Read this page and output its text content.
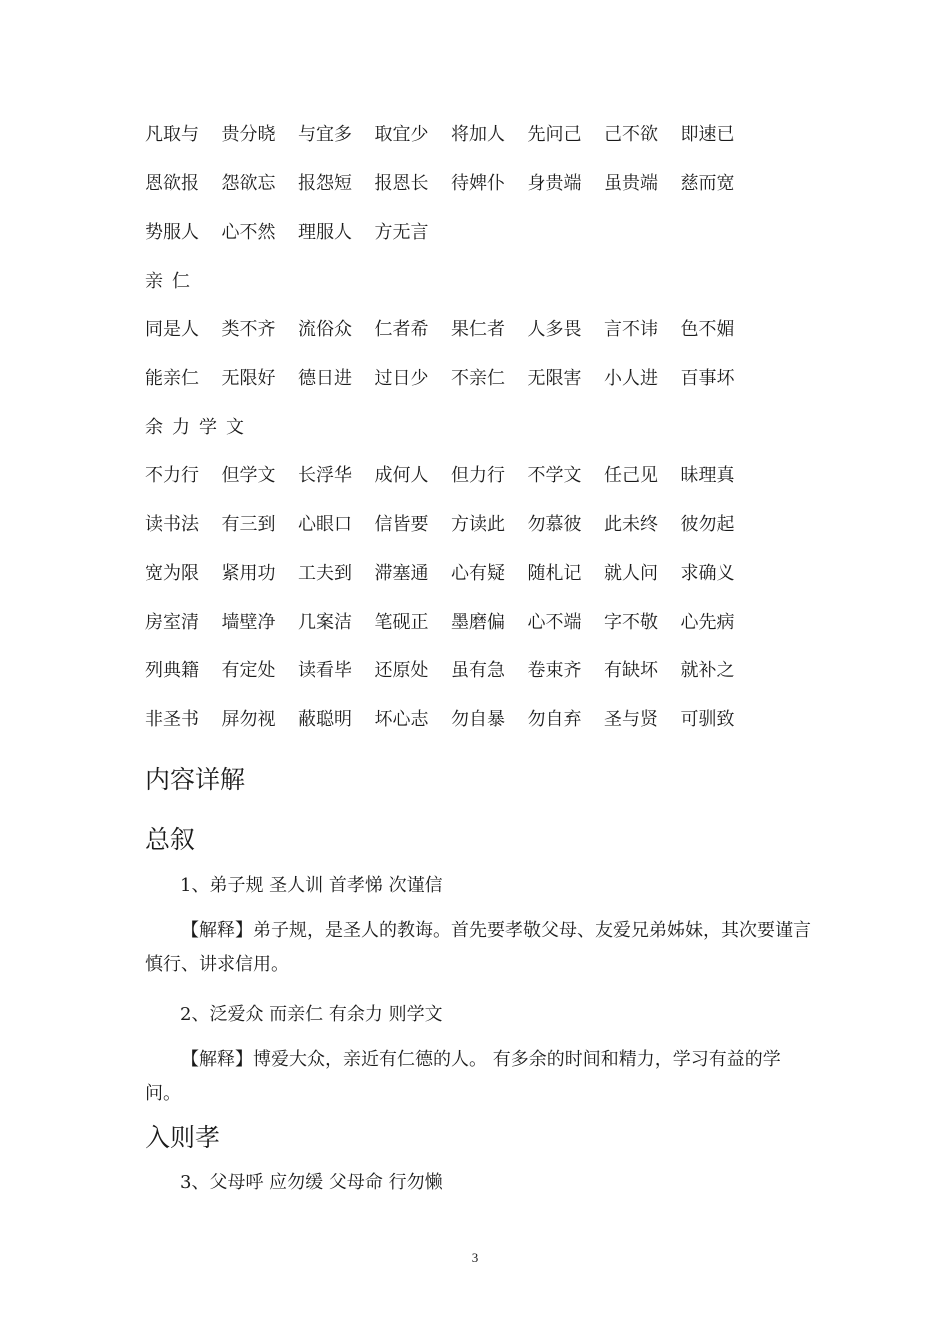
凡取与	贵分晓	与宜多	取宜少	将加人	先问己	己不欲	即速已
恩欲报	怨欲忘	报怨短	报恩长	待婢仆	身贵端	虽贵端	慈而宽
势服人	心不然	理服人	方无言
亲仁
同是人	类不齐	流俗众	仁者希	果仁者	人多畏	言不讳	色不媚
能亲仁	无限好	德日进	过日少	不亲仁	无限害	小人进	百事坏
余力学文
不力行	但学文	长浮华	成何人	但力行	不学文	任己见	昧理真
读书法	有三到	心眼口	信皆要	方读此	勿慕彼	此未终	彼勿起
宽为限	紧用功	工夫到	滞塞通	心有疑	随札记	就人问	求确义
房室清	墙壁净	几案洁	笔砚正	墨磨偏	心不端	字不敬	心先病
列典籍	有定处	读看毕	还原处	虽有急	卷束齐	有缺坏	就补之
非圣书	屏勿视	蔽聪明	坏心志	勿自暴	勿自弃	圣与贤	可驯致
内容详解
总叙
1、弟子规 圣人训 首孝悌 次谨信
【解释】弟子规，是圣人的教诲。首先要孝敬父母、友爱兄弟姊妹，其次要谨言慎行、讲求信用。
2、泛爱众 而亲仁 有余力 则学文
【解释】博爱大众，亲近有仁德的人。 有多余的时间和精力，学习有益的学问。
入则孝
3、父母呼 应勿缓 父母命 行勿懒
3
